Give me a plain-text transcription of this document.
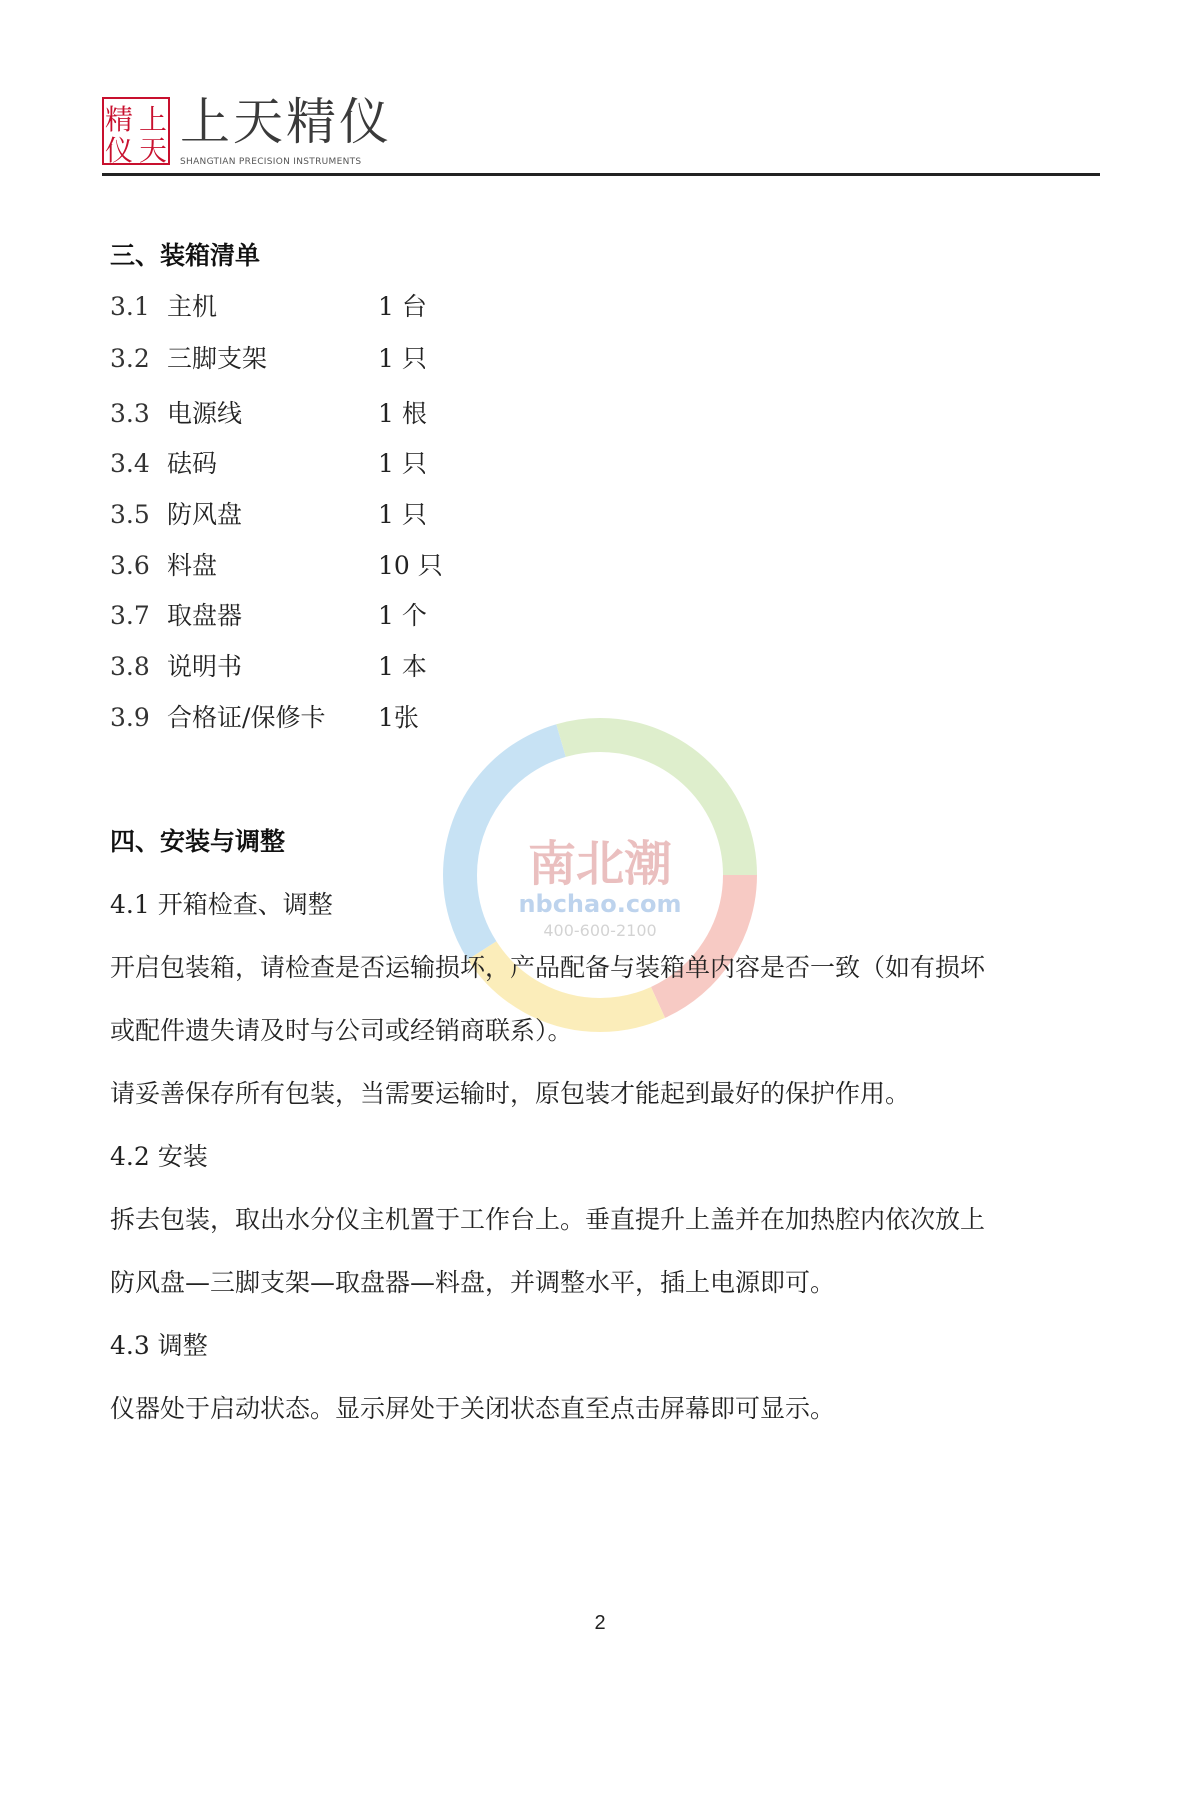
精 上
仪 天 上天精仪
SHANGTIAN PRECISION INSTRUMENTS
南北潮
nbchao.com
400-600-2100
三、装箱清单
3.1 主机	1 台
3.2 三脚支架	1 只
3.3 电源线	1 根
3.4 砝码	1 只
3.5 防风盘	1 只
3.6 料盘	10 只
3.7 取盘器	1 个
3.8 说明书	1 本
3.9 合格证/保修卡 1张
四、安装与调整
4.1 开箱检查、调整
开启包装箱，请检查是否运输损坏，产品配备与装箱单内容是否一致（如有损坏
或配件遗失请及时与公司或经销商联系）。
请妥善保存所有包装，当需要运输时，原包装才能起到最好的保护作用。
4.2 安装
拆去包装，取出水分仪主机置于工作台上。垂直提升上盖并在加热腔内依次放上
防风盘—三脚支架—取盘器—料盘，并调整水平，插上电源即可。
4.3 调整
仪器处于启动状态。显示屏处于关闭状态直至点击屏幕即可显示。
2
